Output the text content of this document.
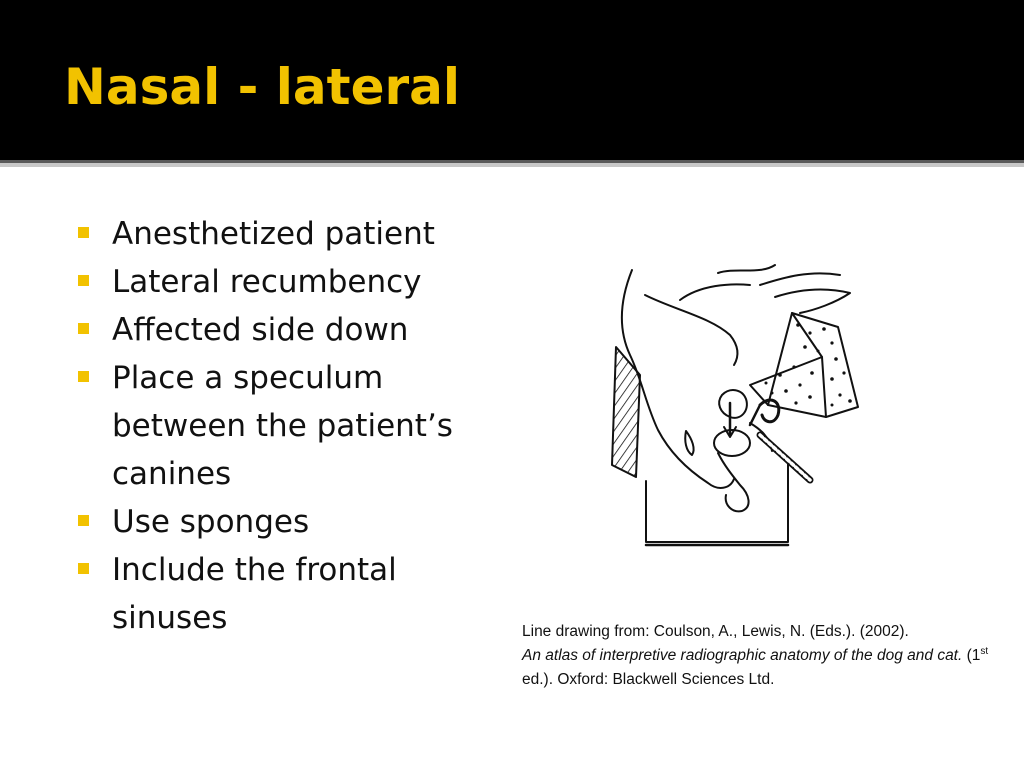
Nasal - lateral
Anesthetized patient
Lateral recumbency
Affected side down
Place a speculum between the patient’s canines
Use sponges
Include the frontal sinuses	Line drawing from: Coulson, A., Lewis, N. (Eds.). (2002).
An atlas of interpretive radiographic anatomy of the dog and cat. (1st ed.). Oxford: Blackwell Sciences Ltd.
